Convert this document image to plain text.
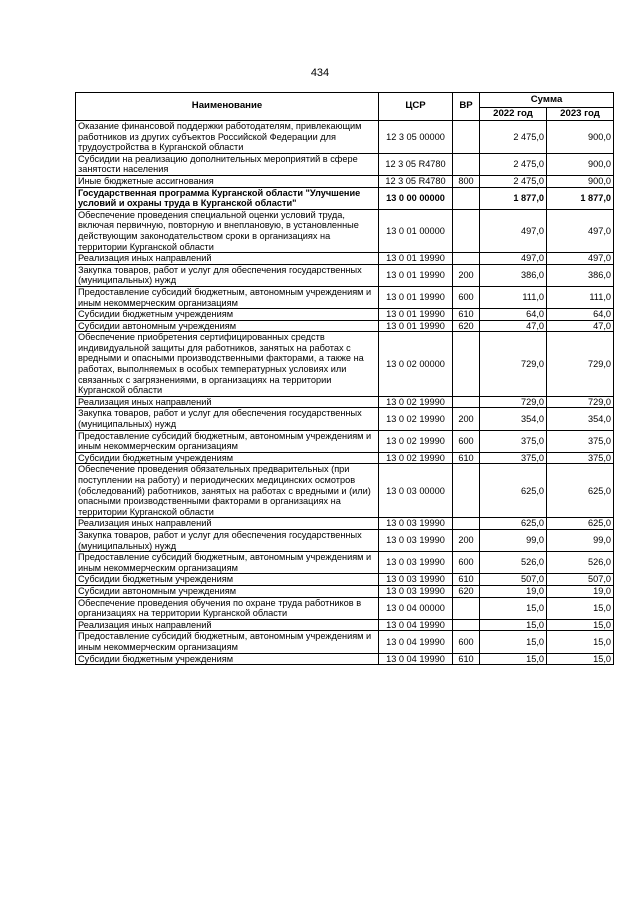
434
Наименование	ЦСР	ВР	Сумма	
			2022 год	2023 год
Оказание финансовой поддержки работодателям, привлекающим работников из других субъектов Российской Федерации для трудоустройства в Курганской области	12 3 05 00000		2 475,0	900,0
Субсидии на реализацию дополнительных мероприятий в сфере занятости населения	12 3 05 R4780		2 475,0	900,0
Иные бюджетные ассигнования	12 3 05 R4780	800	2 475,0	900,0
Государственная программа Курганской области "Улучшение условий и охраны труда в Курганской области"	13 0 00 00000		1 877,0	1 877,0
Обеспечение проведения специальной оценки условий труда, включая первичную, повторную и внеплановую, в установленные действующим законодательством сроки в организациях на территории Курганской области	13 0 01 00000		497,0	497,0
Реализация иных направлений	13 0 01 19990		497,0	497,0
Закупка товаров, работ и услуг для обеспечения государственных (муниципальных) нужд	13 0 01 19990	200	386,0	386,0
Предоставление субсидий бюджетным, автономным учреждениям и иным некоммерческим организациям	13 0 01 19990	600	111,0	111,0
Субсидии бюджетным учреждениям	13 0 01 19990	610	64,0	64,0
Субсидии автономным учреждениям	13 0 01 19990	620	47,0	47,0
Обеспечение приобретения сертифицированных средств индивидуальной защиты для работников, занятых на работах с вредными и опасными производственными факторами, а также на работах, выполняемых в особых температурных условиях или связанных с загрязнениями, в организациях на территории Курганской области	13 0 02 00000		729,0	729,0
Реализация иных направлений	13 0 02 19990		729,0	729,0
Закупка товаров, работ и услуг для обеспечения государственных (муниципальных) нужд	13 0 02 19990	200	354,0	354,0
Предоставление субсидий бюджетным, автономным учреждениям и иным некоммерческим организациям	13 0 02 19990	600	375,0	375,0
Субсидии бюджетным учреждениям	13 0 02 19990	610	375,0	375,0
Обеспечение проведения обязательных предварительных (при поступлении на работу) и периодических медицинских осмотров (обследований) работников, занятых на работах с вредными и (или) опасными производственными факторами в организациях на территории Курганской области	13 0 03 00000		625,0	625,0
Реализация иных направлений	13 0 03 19990		625,0	625,0
Закупка товаров, работ и услуг для обеспечения государственных (муниципальных) нужд	13 0 03 19990	200	99,0	99,0
Предоставление субсидий бюджетным, автономным учреждениям и иным некоммерческим организациям	13 0 03 19990	600	526,0	526,0
Субсидии бюджетным учреждениям	13 0 03 19990	610	507,0	507,0
Субсидии автономным учреждениям	13 0 03 19990	620	19,0	19,0
Обеспечение проведения обучения по охране труда работников в организациях на территории Курганской области	13 0 04 00000		15,0	15,0
Реализация иных направлений	13 0 04 19990		15,0	15,0
Предоставление субсидий бюджетным, автономным учреждениям и иным некоммерческим организациям	13 0 04 19990	600	15,0	15,0
Субсидии бюджетным учреждениям	13 0 04 19990	610	15,0	15,0
